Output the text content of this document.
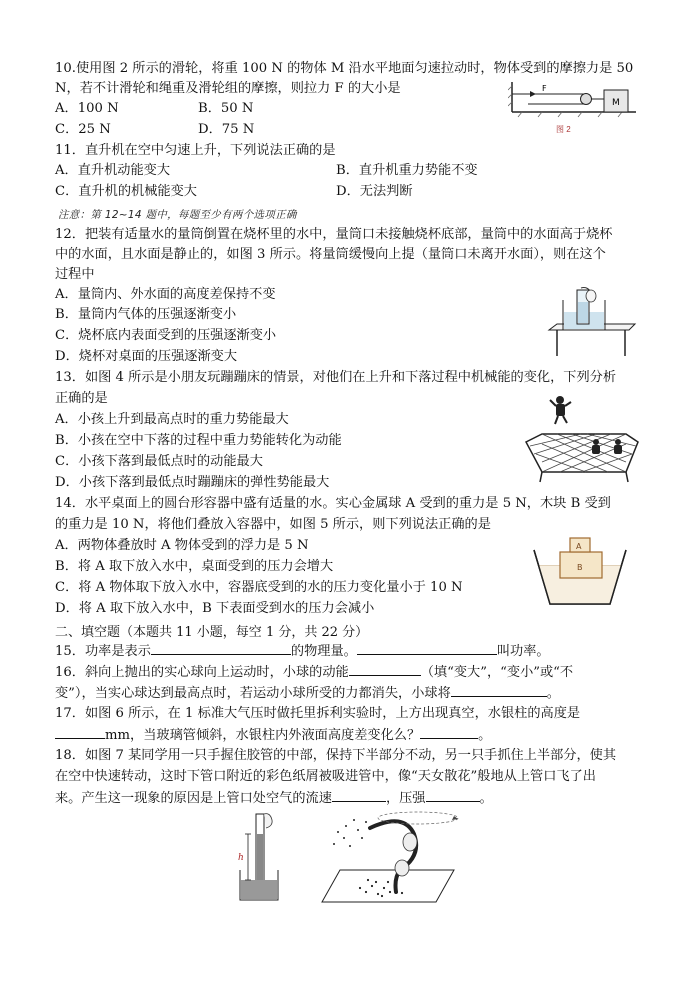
10.使用图 2 所示的滑轮，将重 100 N 的物体 M 沿水平地面匀速拉动时，物体受到的摩擦力是 50
N，若不计滑轮和绳重及滑轮组的摩擦，则拉力 F 的大小是
A．100 N	B．50 N
C．25 N	D．75 N
M
F
图 2
11．直升机在空中匀速上升，下列说法正确的是
A．直升机动能变大	B．直升机重力势能不变
C．直升机的机械能变大	D．无法判断
注意：第 12~14 题中，每题至少有两个选项正确
12．把装有适量水的量筒倒置在烧杯里的水中，量筒口未接触烧杯底部，量筒中的水面高于烧杯
中的水面，且水面是静止的，如图 3 所示。将量筒缓慢向上提（量筒口未离开水面），则在这个
过程中
A．量筒内、外水面的高度差保持不变
B．量筒内气体的压强逐渐变小
C．烧杯底内表面受到的压强逐渐变小
D．烧杯对桌面的压强逐渐变大
13．如图 4 所示是小朋友玩蹦蹦床的情景，对他们在上升和下落过程中机械能的变化，下列分析
正确的是
A．小孩上升到最高点时的重力势能最大
B．小孩在空中下落的过程中重力势能转化为动能
C．小孩下落到最低点时的动能最大
D．小孩下落到最低点时蹦蹦床的弹性势能最大
14．水平桌面上的圆台形容器中盛有适量的水。实心金属球 A 受到的重力是 5 N，木块 B 受到
的重力是 10 N，将他们叠放入容器中，如图 5 所示，则下列说法正确的是
A．两物体叠放时 A 物体受到的浮力是 5 N
B．将 A 取下放入水中，桌面受到的压力会增大
C．将 A 物体取下放入水中，容器底受到的水的压力变化量小于 10 N
D．将 A 取下放入水中，B 下表面受到水的压力会减小
A
B
二、填空题（本题共 11 小题，每空 1 分，共 22 分）
15．功率是表示	的物理量。	叫功率。
16．斜向上抛出的实心球向上运动时，小球的动能	（填“变大”，“变小”或“不
变”），当实心球达到最高点时，若运动小球所受的力都消失，小球将	。
17．如图 6 所示，在 1 标准大气压时做托里拆利实验时，上方出现真空，水银柱的高度是
mm，当玻璃管倾斜，水银柱内外液面高度差变化么？	。
18．如图 7 某同学用一只手握住胶管的中部，保持下半部分不动，另一只手抓住上半部分，使其
在空中快速转动，这时下管口附近的彩色纸屑被吸进管中，像“天女散花”般地从上管口飞了出
来。产生这一现象的原因是上管口处空气的流速	，压强	。
h
